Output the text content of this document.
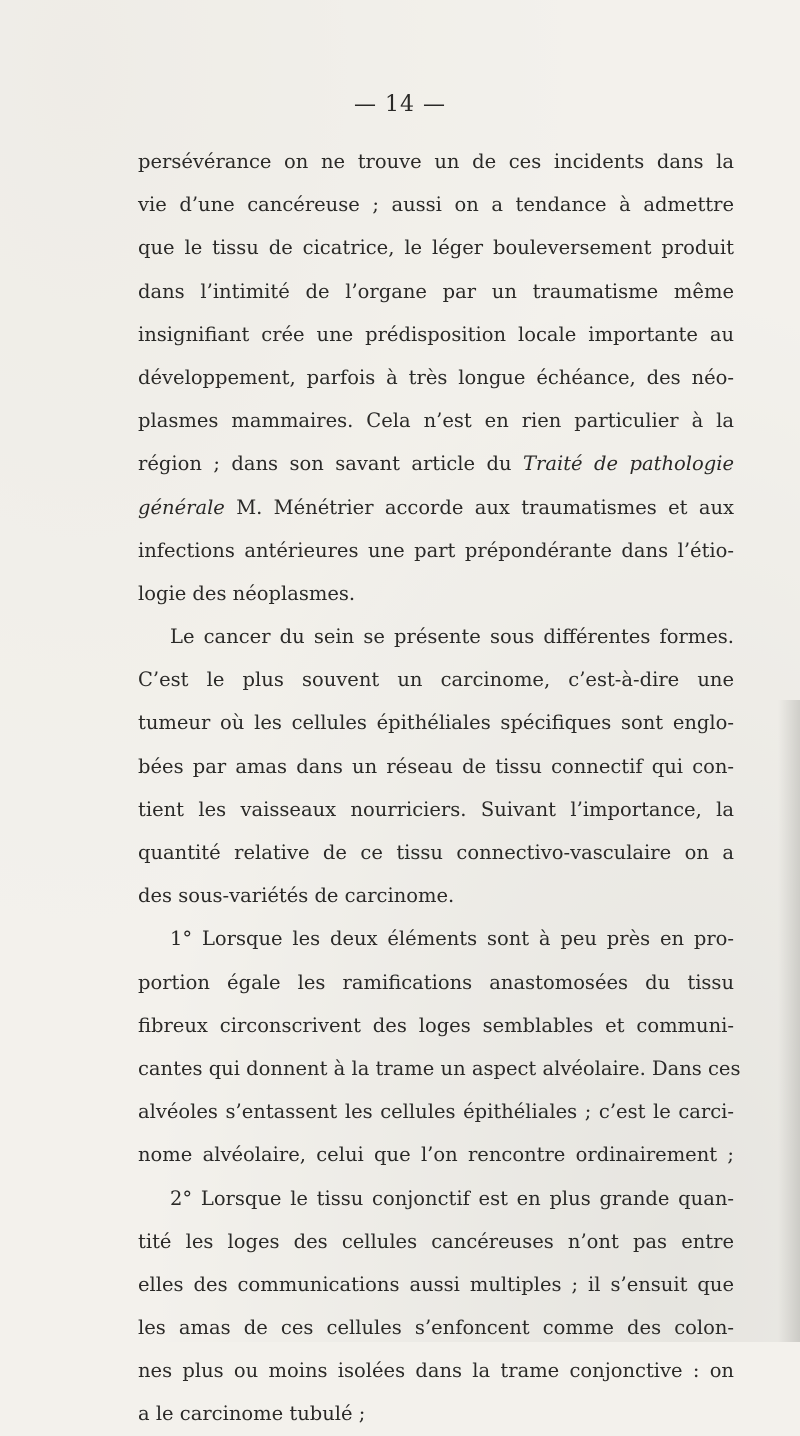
— 14 —
persévérance on ne trouve un de ces incidents dans la
vie d’une cancéreuse ; aussi on a tendance à admettre
que le tissu de cicatrice, le léger bouleversement produit
dans l’intimité de l’organe par un traumatisme même
insignifiant crée une prédisposition locale importante au
développement, parfois à très longue échéance, des néo-
plasmes mammaires. Cela n’est en rien particulier à la
région ; dans son savant article du Traité de pathologie
générale M. Ménétrier accorde aux traumatismes et aux
infections antérieures une part prépondérante dans l’étio-
logie des néoplasmes.
Le cancer du sein se présente sous différentes formes.
C’est le plus souvent un carcinome, c’est-à-dire une
tumeur où les cellules épithéliales spécifiques sont englo-
bées par amas dans un réseau de tissu connectif qui con-
tient les vaisseaux nourriciers. Suivant l’importance, la
quantité relative de ce tissu connectivo-vasculaire on a
des sous-variétés de carcinome.
1° Lorsque les deux éléments sont à peu près en pro-
portion égale les ramifications anastomosées du tissu
fibreux circonscrivent des loges semblables et communi-
cantes qui donnent à la trame un aspect alvéolaire. Dans ces
alvéoles s’entassent les cellules épithéliales ; c’est le carci-
nome alvéolaire, celui que l’on rencontre ordinairement ;
2° Lorsque le tissu conjonctif est en plus grande quan-
tité les loges des cellules cancéreuses n’ont pas entre
elles des communications aussi multiples ; il s’ensuit que
les amas de ces cellules s’enfoncent comme des colon-
nes plus ou moins isolées dans la trame conjonctive : on
a le carcinome tubulé ;
